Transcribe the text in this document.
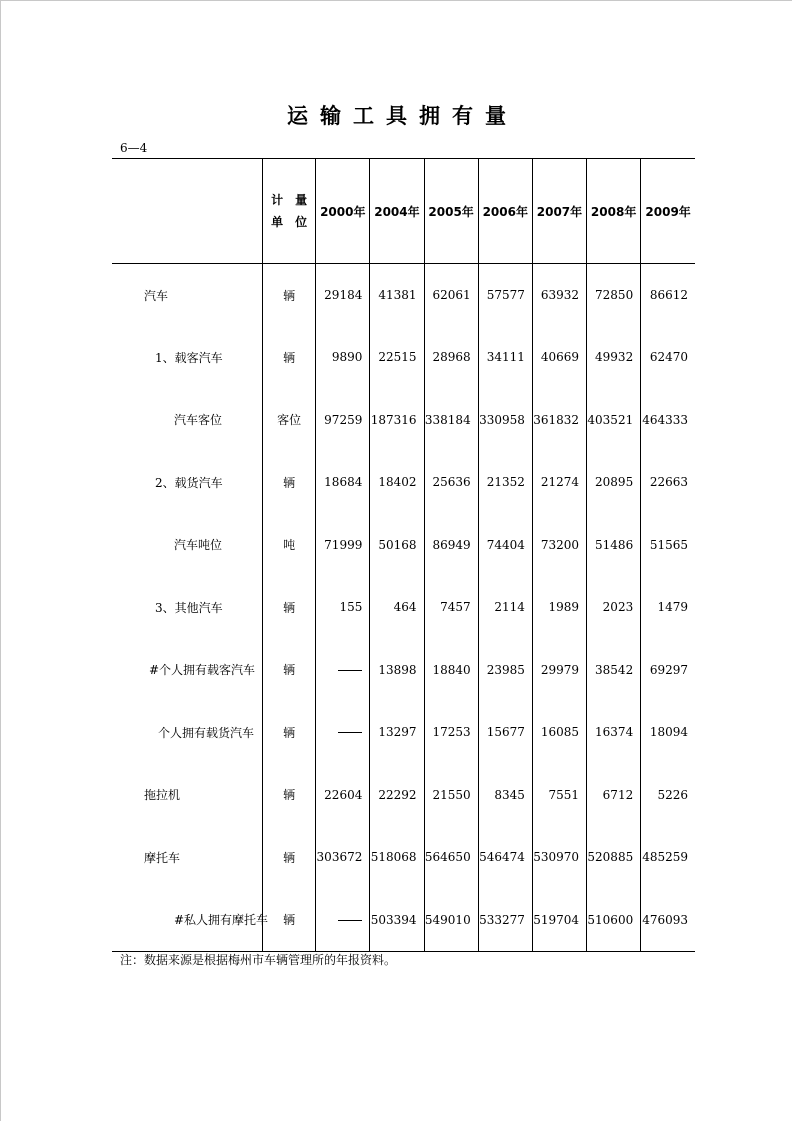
运输工具拥有量
6—4
	计　量
单　位	2000年	2004年	2005年	2006年	2007年	2008年	2009年
汽车	辆	29184	41381	62061	57577	63932	72850	86612
1、载客汽车	辆	9890	22515	28968	34111	40669	49932	62470
汽车客位	客位	97259	187316	338184	330958	361832	403521	464333
2、载货汽车	辆	18684	18402	25636	21352	21274	20895	22663
汽车吨位	吨	71999	50168	86949	74404	73200	51486	51565
3、其他汽车	辆	155	464	7457	2114	1989	2023	1479
#个人拥有载客汽车	辆		13898	18840	23985	29979	38542	69297
个人拥有载货汽车	辆		13297	17253	15677	16085	16374	18094
拖拉机	辆	22604	22292	21550	8345	7551	6712	5226
摩托车	辆	303672	518068	564650	546474	530970	520885	485259
#私人拥有摩托车	辆		503394	549010	533277	519704	510600	476093
注：数据来源是根据梅州市车辆管理所的年报资料。
